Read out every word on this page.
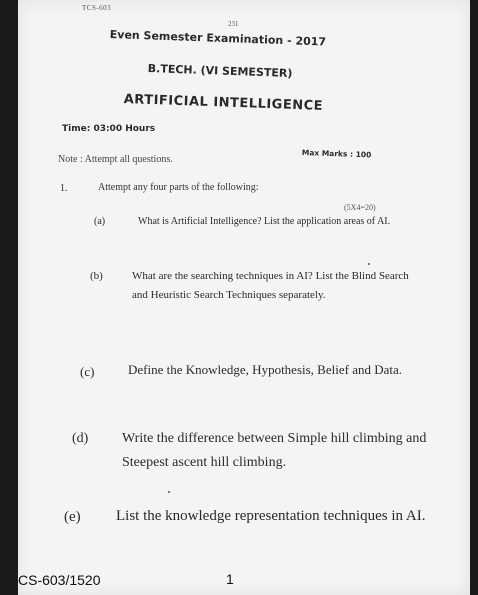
TCS-603
231
Even Semester Examination - 2017
B.TECH. (VI SEMESTER)
ARTIFICIAL INTELLIGENCE
Time: 03:00 Hours
Max Marks : 100
Note : Attempt all questions.
1.	Attempt any four parts of the following:
(5X4=20)
(a)	What is Artificial Intelligence? List the application areas of AI.
(b)	What are the searching techniques in AI? List the Blind Search and Heuristic Search Techniques separately.
(c)	Define the Knowledge, Hypothesis, Belief and Data.
(d) Write the difference between Simple hill climbing and Steepest ascent hill climbing.
(e) List the knowledge representation techniques in AI.
1
CS-603/1520
